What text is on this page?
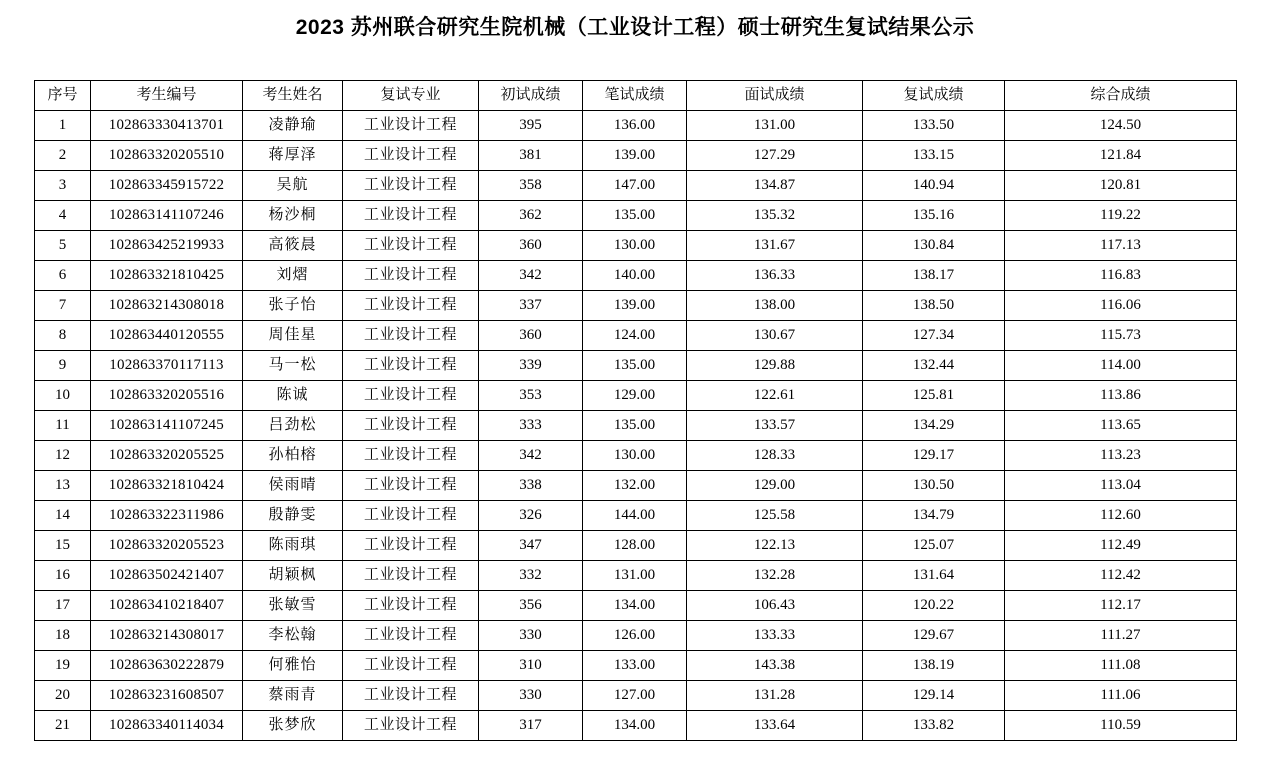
2023 苏州联合研究生院机械（工业设计工程）硕士研究生复试结果公示
序号	考生编号	考生姓名	复试专业	初试成绩	笔试成绩	面试成绩	复试成绩	综合成绩
1	102863330413701	凌静瑜	工业设计工程	395	136.00	131.00	133.50	124.50
2	102863320205510	蒋厚泽	工业设计工程	381	139.00	127.29	133.15	121.84
3	102863345915722	吴航	工业设计工程	358	147.00	134.87	140.94	120.81
4	102863141107246	杨沙桐	工业设计工程	362	135.00	135.32	135.16	119.22
5	102863425219933	高筱晨	工业设计工程	360	130.00	131.67	130.84	117.13
6	102863321810425	刘熠	工业设计工程	342	140.00	136.33	138.17	116.83
7	102863214308018	张子怡	工业设计工程	337	139.00	138.00	138.50	116.06
8	102863440120555	周佳星	工业设计工程	360	124.00	130.67	127.34	115.73
9	102863370117113	马一松	工业设计工程	339	135.00	129.88	132.44	114.00
10	102863320205516	陈诚	工业设计工程	353	129.00	122.61	125.81	113.86
11	102863141107245	吕劲松	工业设计工程	333	135.00	133.57	134.29	113.65
12	102863320205525	孙柏榕	工业设计工程	342	130.00	128.33	129.17	113.23
13	102863321810424	侯雨晴	工业设计工程	338	132.00	129.00	130.50	113.04
14	102863322311986	殷静雯	工业设计工程	326	144.00	125.58	134.79	112.60
15	102863320205523	陈雨琪	工业设计工程	347	128.00	122.13	125.07	112.49
16	102863502421407	胡颖枫	工业设计工程	332	131.00	132.28	131.64	112.42
17	102863410218407	张敏雪	工业设计工程	356	134.00	106.43	120.22	112.17
18	102863214308017	李松翰	工业设计工程	330	126.00	133.33	129.67	111.27
19	102863630222879	何雅怡	工业设计工程	310	133.00	143.38	138.19	111.08
20	102863231608507	蔡雨青	工业设计工程	330	127.00	131.28	129.14	111.06
21	102863340114034	张梦欣	工业设计工程	317	134.00	133.64	133.82	110.59
